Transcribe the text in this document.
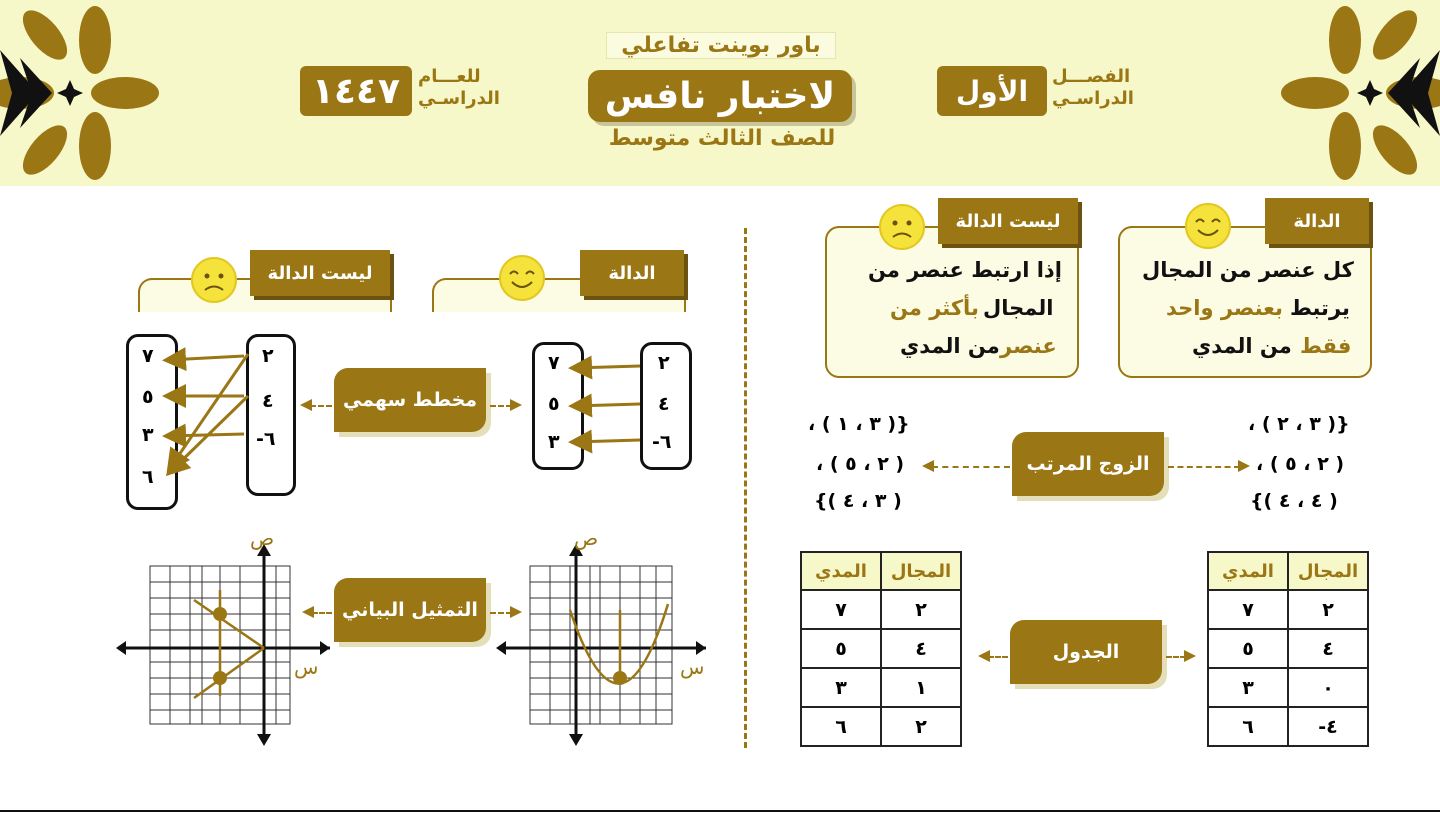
باور بوينت تفاعلي
لاختبار نافس
للصف الثالث متوسط
الأول	الفصـــل
الدراسـي
١٤٤٧	للعـــام
الدراسـي
الدالة
كل عنصر من المجال
يرتبط
بعنصر واحد
فقط
من المدي
ليست الدالة
إذا ارتبط عنصر من
المجال
بأكثر من
عنصر
من المدي
الزوج المرتب
{( ٣ ، ٢ ) ،
( ٢ ، ٥ ) ،
( ٤ ، ٤ )}
{( ٣ ، ١ ) ،
( ٢ ، ٥ ) ،
( ٣ ، ٤ )}
المدي	المجال
٧	٢
٥	٤
٣	٠
٦	-٤
المدي	المجال
٧	٢
٥	٤
٣	١
٦	٢
الجدول
الدالة
ليست الدالة
٢
٤
-٦
٧
٥
٣
٢
٤
-٦
٧
٥
٣
٦
مخطط سهمي
ص
س
ص
س
التمثيل البياني
